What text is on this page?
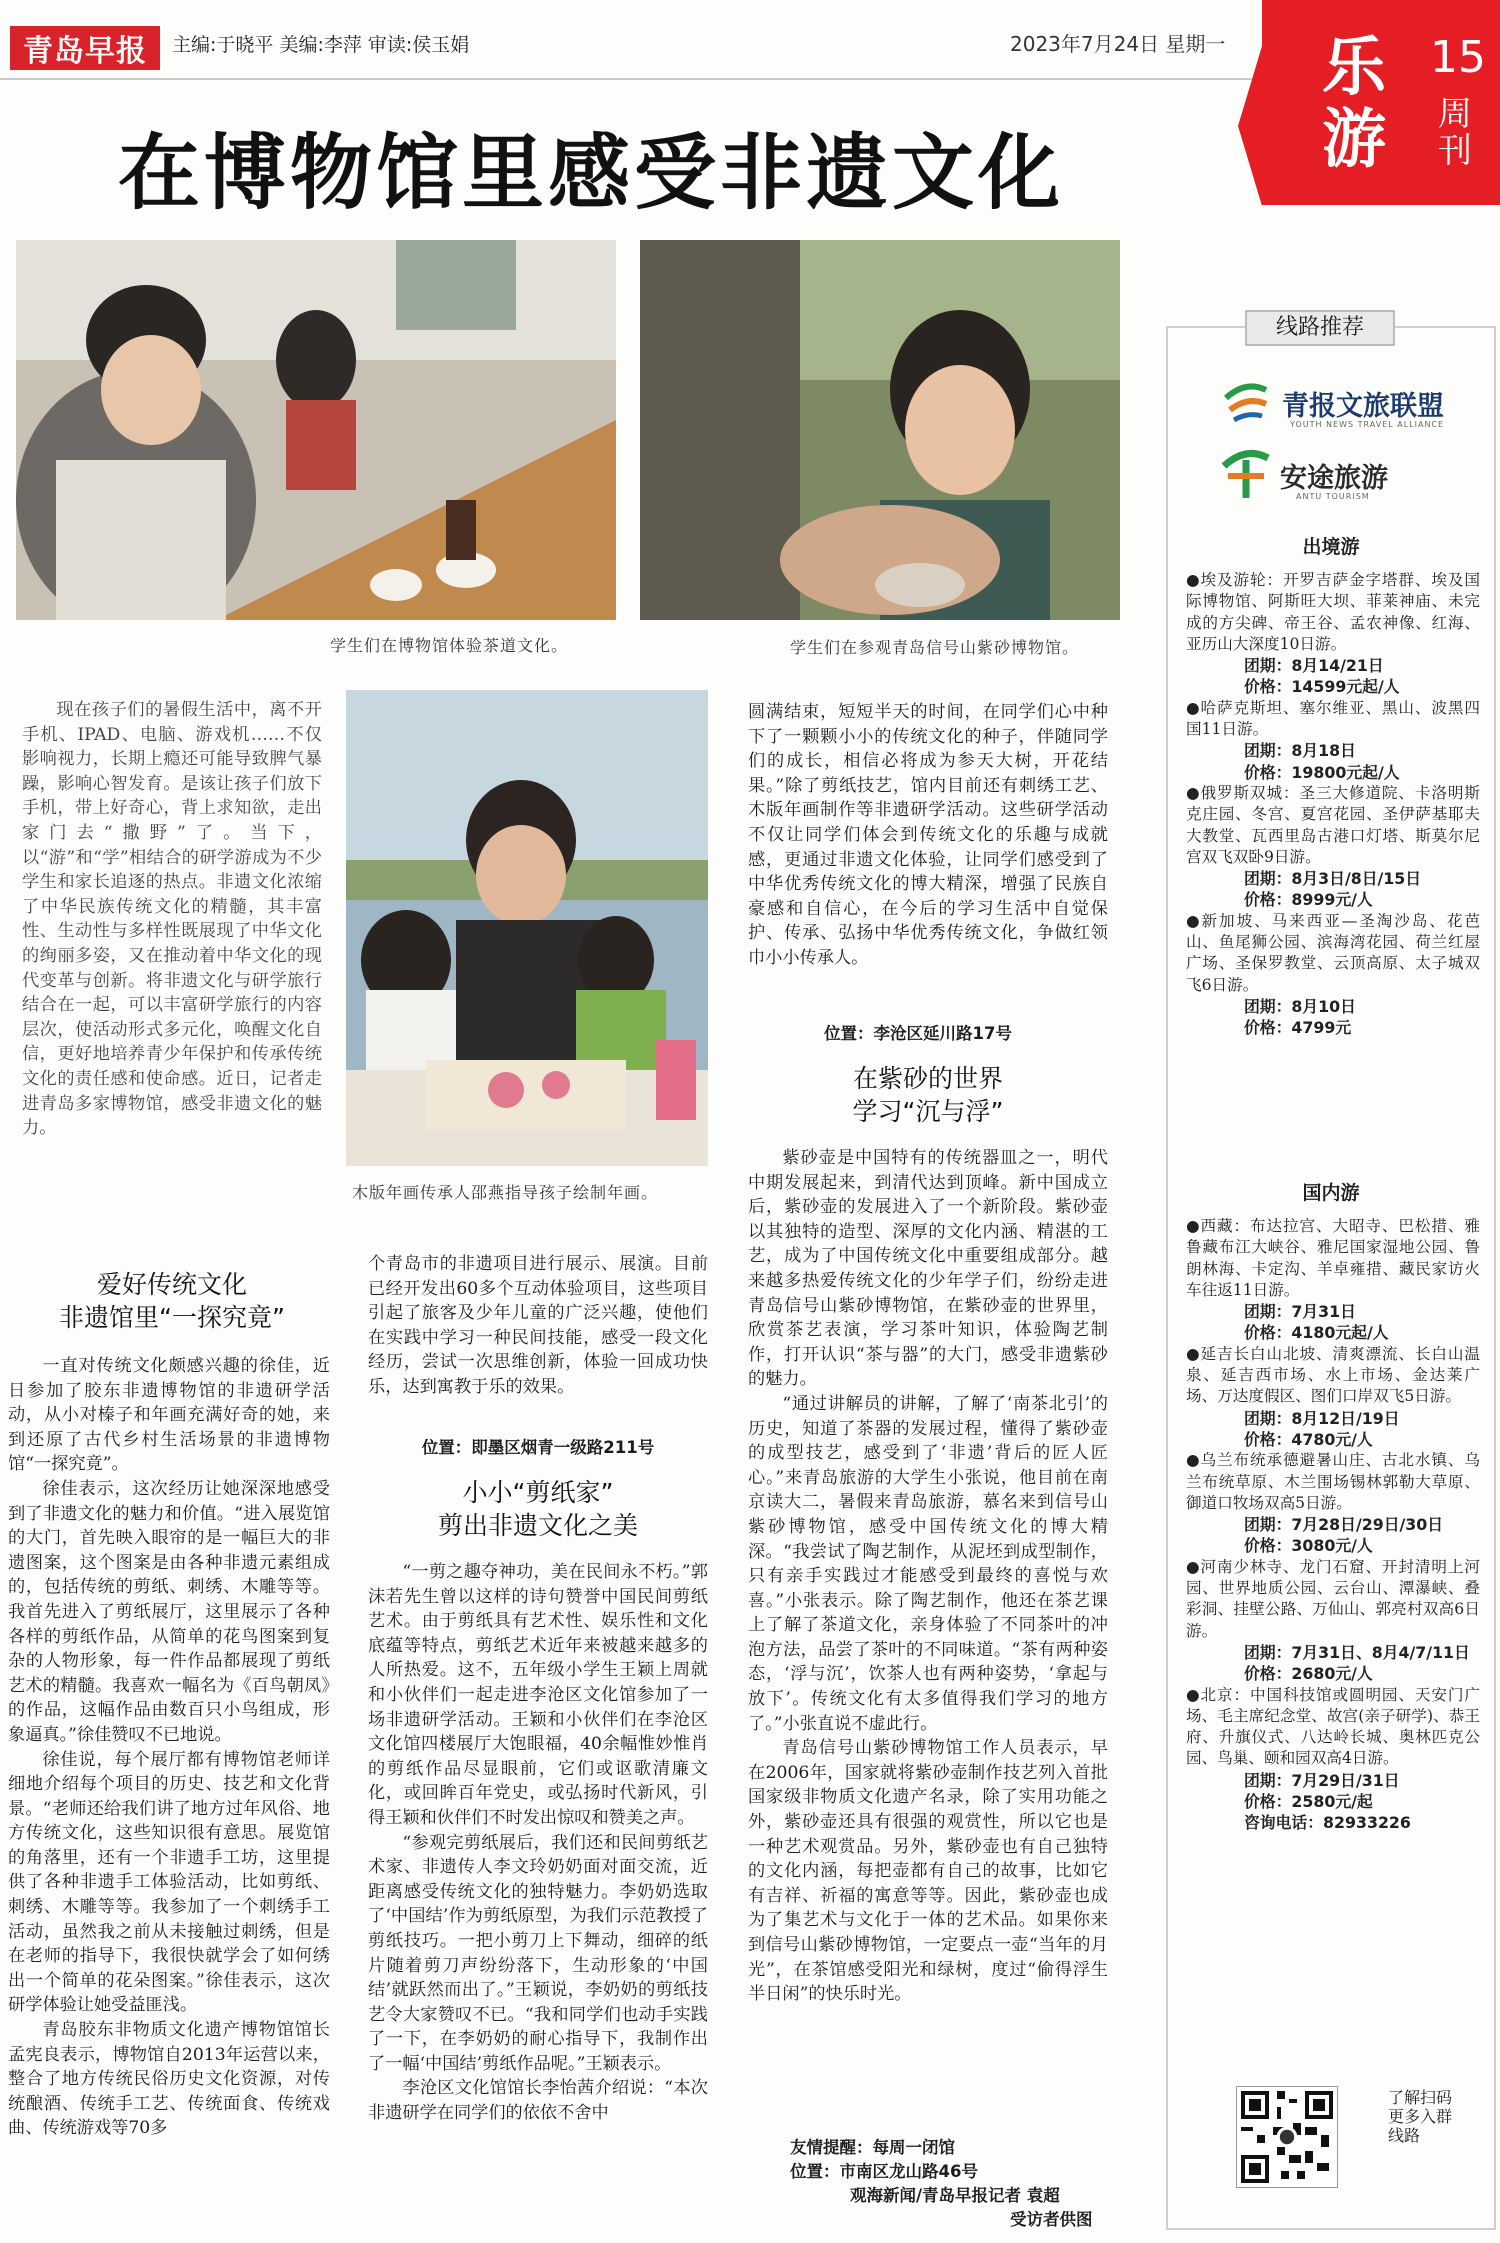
青岛早报	主编:于晓平 美编:李萍 审读:侯玉娟	2023年7月24日 星期一 乐
游
15
周刊
在博物馆里感受非遗文化
学生们在博物馆体验茶道文化。	学生们在参观青岛信号山紫砂博物馆。
木版年画传承人邵燕指导孩子绘制年画。

现在孩子们的暑假生活中，离不开手机、IPAD、电脑、游戏机……不仅影响视力，长期上瘾还可能导致脾气暴躁，影响心智发育。是该让孩子们放下手机，带上好奇心，背上求知欲，走出家门去“撒野”了。当下，以“游”和“学”相结合的研学游成为不少学生和家长追逐的热点。非遗文化浓缩了中华民族传统文化的精髓，其丰富性、生动性与多样性既展现了中华文化的绚丽多姿，又在推动着中华文化的现代变革与创新。将非遗文化与研学旅行结合在一起，可以丰富研学旅行的内容层次，使活动形式多元化，唤醒文化自信，更好地培养青少年保护和传承传统文化的责任感和使命感。近日，记者走进青岛多家博物馆，感受非遗文化的魅力。

爱好传统文化
非遗馆里“一探究竟”

一直对传统文化颇感兴趣的徐佳，近日参加了胶东非遗博物馆的非遗研学活动，从小对榛子和年画充满好奇的她，来到还原了古代乡村生活场景的非遗博物馆“一探究竟”。

徐佳表示，这次经历让她深深地感受到了非遗文化的魅力和价值。“进入展览馆的大门，首先映入眼帘的是一幅巨大的非遗图案，这个图案是由各种非遗元素组成的，包括传统的剪纸、刺绣、木雕等等。我首先进入了剪纸展厅，这里展示了各种各样的剪纸作品，从简单的花鸟图案到复杂的人物形象，每一件作品都展现了剪纸艺术的精髓。我喜欢一幅名为《百鸟朝凤》的作品，这幅作品由数百只小鸟组成，形象逼真。”徐佳赞叹不已地说。

徐佳说，每个展厅都有博物馆老师详细地介绍每个项目的历史、技艺和文化背景。“老师还给我们讲了地方过年风俗、地方传统文化，这些知识很有意思。展览馆的角落里，还有一个非遗手工坊，这里提供了各种非遗手工体验活动，比如剪纸、刺绣、木雕等等。我参加了一个刺绣手工活动，虽然我之前从未接触过刺绣，但是在老师的指导下，我很快就学会了如何绣出一个简单的花朵图案。”徐佳表示，这次研学体验让她受益匪浅。

青岛胶东非物质文化遗产博物馆馆长孟宪良表示，博物馆自2013年运营以来，整合了地方传统民俗历史文化资源，对传统酿酒、传统手工艺、传统面食、传统戏曲、传统游戏等70多

个青岛市的非遗项目进行展示、展演。目前已经开发出60多个互动体验项目，这些项目引起了旅客及少年儿童的广泛兴趣，使他们在实践中学习一种民间技能，感受一段文化经历，尝试一次思维创新，体验一回成功快乐，达到寓教于乐的效果。

位置：即墨区烟青一级路211号
小小“剪纸家”
剪出非遗文化之美

“一剪之趣夺神功，美在民间永不朽。”郭沫若先生曾以这样的诗句赞誉中国民间剪纸艺术。由于剪纸具有艺术性、娱乐性和文化底蕴等特点，剪纸艺术近年来被越来越多的人所热爱。这不，五年级小学生王颖上周就和小伙伴们一起走进李沧区文化馆参加了一场非遗研学活动。王颖和小伙伴们在李沧区文化馆四楼展厅大饱眼福，40余幅惟妙惟肖的剪纸作品尽显眼前，它们或讴歌清廉文化，或回眸百年党史，或弘扬时代新风，引得王颖和伙伴们不时发出惊叹和赞美之声。

“参观完剪纸展后，我们还和民间剪纸艺术家、非遗传人李文玲奶奶面对面交流，近距离感受传统文化的独特魅力。李奶奶选取了‘中国结’作为剪纸原型，为我们示范教授了剪纸技巧。一把小剪刀上下舞动，细碎的纸片随着剪刀声纷纷落下，生动形象的‘中国结’就跃然而出了。”王颖说，李奶奶的剪纸技艺令大家赞叹不已。“我和同学们也动手实践了一下，在李奶奶的耐心指导下，我制作出了一幅‘中国结’剪纸作品呢。”王颖表示。

李沧区文化馆馆长李怡茜介绍说：“本次非遗研学在同学们的依依不舍中

圆满结束，短短半天的时间，在同学们心中种下了一颗颗小小的传统文化的种子，伴随同学们的成长，相信必将成为参天大树，开花结果。”除了剪纸技艺，馆内目前还有刺绣工艺、木版年画制作等非遗研学活动。这些研学活动不仅让同学们体会到传统文化的乐趣与成就感，更通过非遗文化体验，让同学们感受到了中华优秀传统文化的博大精深，增强了民族自豪感和自信心，在今后的学习生活中自觉保护、传承、弘扬中华优秀传统文化，争做红领巾小小传承人。

位置：李沧区延川路17号
在紫砂的世界
学习“沉与浮”

紫砂壶是中国特有的传统器皿之一，明代中期发展起来，到清代达到顶峰。新中国成立后，紫砂壶的发展进入了一个新阶段。紫砂壶以其独特的造型、深厚的文化内涵、精湛的工艺，成为了中国传统文化中重要组成部分。越来越多热爱传统文化的少年学子们，纷纷走进青岛信号山紫砂博物馆，在紫砂壶的世界里，欣赏茶艺表演，学习茶叶知识，体验陶艺制作，打开认识“茶与器”的大门，感受非遗紫砂的魅力。

“通过讲解员的讲解，了解了‘南茶北引’的历史，知道了茶器的发展过程，懂得了紫砂壶的成型技艺，感受到了‘非遗’背后的匠人匠心。”来青岛旅游的大学生小张说，他目前在南京读大二，暑假来青岛旅游，慕名来到信号山紫砂博物馆，感受中国传统文化的博大精深。“我尝试了陶艺制作，从泥坯到成型制作，只有亲手实践过才能感受到最终的喜悦与欢喜。”小张表示。除了陶艺制作，他还在茶艺课上了解了茶道文化，亲身体验了不同茶叶的冲泡方法，品尝了茶叶的不同味道。“茶有两种姿态，‘浮与沉’，饮茶人也有两种姿势，‘拿起与放下’。传统文化有太多值得我们学习的地方了。”小张直说不虚此行。

青岛信号山紫砂博物馆工作人员表示，早在2006年，国家就将紫砂壶制作技艺列入首批国家级非物质文化遗产名录，除了实用功能之外，紫砂壶还具有很强的观赏性，所以它也是一种艺术观赏品。另外，紫砂壶也有自己独特的文化内涵，每把壶都有自己的故事，比如它有吉祥、祈福的寓意等等。因此，紫砂壶也成为了集艺术与文化于一体的艺术品。如果你来到信号山紫砂博物馆，一定要点一壶“当年的月光”，在茶馆感受阳光和绿树，度过“偷得浮生半日闲”的快乐时光。

友情提醒：每周一闭馆
位置：市南区龙山路46号
观海新闻/青岛早报记者 袁超
受访者供图
线路推荐
青报文旅联盟
YOUTH NEWS TRAVEL ALLIANCE
安途旅游
ANTU TOURISM
出境游

●埃及游轮：开罗吉萨金字塔群、埃及国际博物馆、阿斯旺大坝、菲莱神庙、未完成的方尖碑、帝王谷、孟农神像、红海、亚历山大深度10日游。

团期：8月14/21日

价格：14599元起/人

●哈萨克斯坦、塞尔维亚、黑山、波黑四国11日游。

团期：8月18日

价格：19800元起/人

●俄罗斯双城：圣三大修道院、卡洛明斯克庄园、冬宫、夏宫花园、圣伊萨基耶夫大教堂、瓦西里岛古港口灯塔、斯莫尔尼宫双飞双卧9日游。

团期：8月3日/8日/15日

价格：8999元/人

●新加坡、马来西亚—圣淘沙岛、花芭山、鱼尾狮公园、滨海湾花园、荷兰红屋广场、圣保罗教堂、云顶高原、太子城双飞6日游。

团期：8月10日

价格：4799元

国内游

●西藏：布达拉宫、大昭寺、巴松措、雅鲁藏布江大峡谷、雅尼国家湿地公园、鲁朗林海、卡定沟、羊卓雍措、藏民家访火车往返11日游。

团期：7月31日

价格：4180元起/人

●延吉长白山北坡、清爽漂流、长白山温泉、延吉西市场、水上市场、金达莱广场、万达度假区、图们口岸双飞5日游。

团期：8月12日/19日

价格：4780元/人

●乌兰布统承德避暑山庄、古北水镇、乌兰布统草原、木兰围场锡林郭勒大草原、御道口牧场双高5日游。

团期：7月28日/29日/30日

价格：3080元/人

●河南少林寺、龙门石窟、开封清明上河园、世界地质公园、云台山、潭瀑峡、叠彩洞、挂壁公路、万仙山、郭亮村双高6日游。

团期：7月31日、8月4/7/11日

价格：2680元/人

●北京：中国科技馆或圆明园、天安门广场、毛主席纪念堂、故宫(亲子研学)、恭王府、升旗仪式、八达岭长城、奥林匹克公园、鸟巢、颐和园双高4日游。

团期：7月29日/31日

价格：2580元/起

咨询电话：82933226

了解更多线路
扫码入群
